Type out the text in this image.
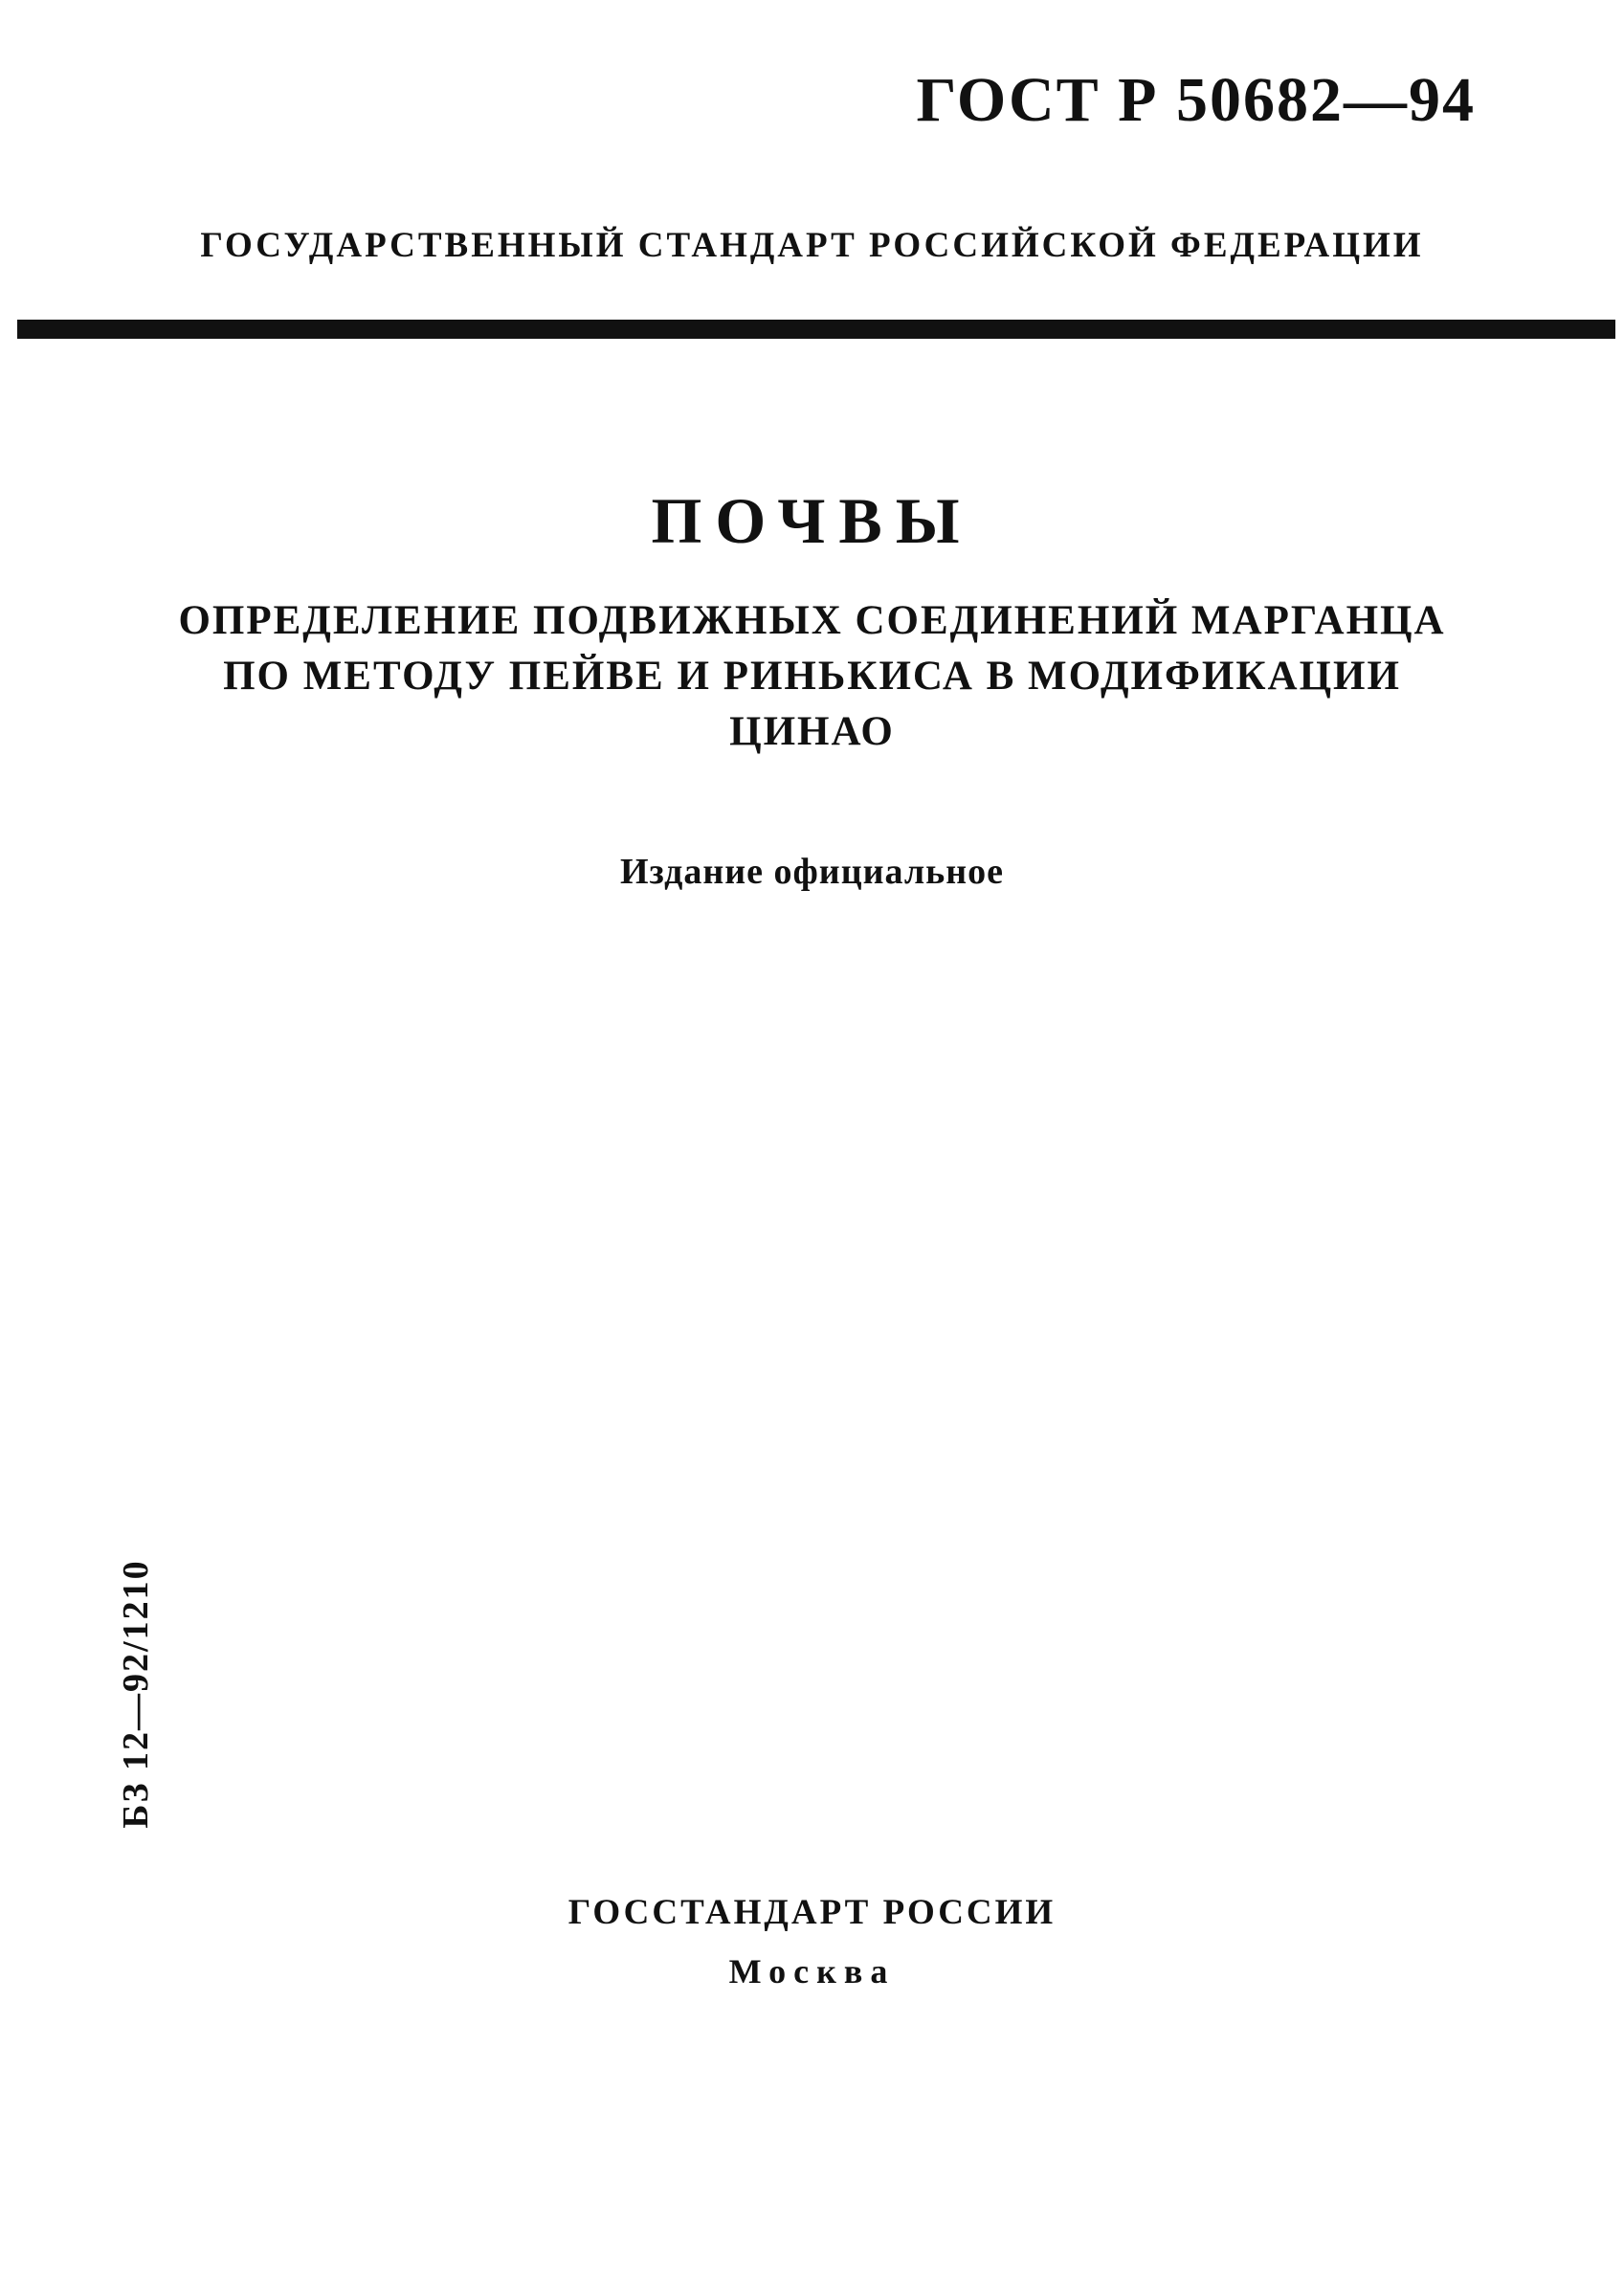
ГОСТ Р 50682—94
ГОСУДАРСТВЕННЫЙ СТАНДАРТ РОССИЙСКОЙ ФЕДЕРАЦИИ
ПОЧВЫ
ОПРЕДЕЛЕНИЕ ПОДВИЖНЫХ СОЕДИНЕНИЙ МАРГАНЦА
ПО МЕТОДУ ПЕЙВЕ И РИНЬКИСА В МОДИФИКАЦИИ
ЦИНАО
Издание официальное
БЗ 12—92/1210
ГОССТАНДАРТ РОССИИ
Москва
